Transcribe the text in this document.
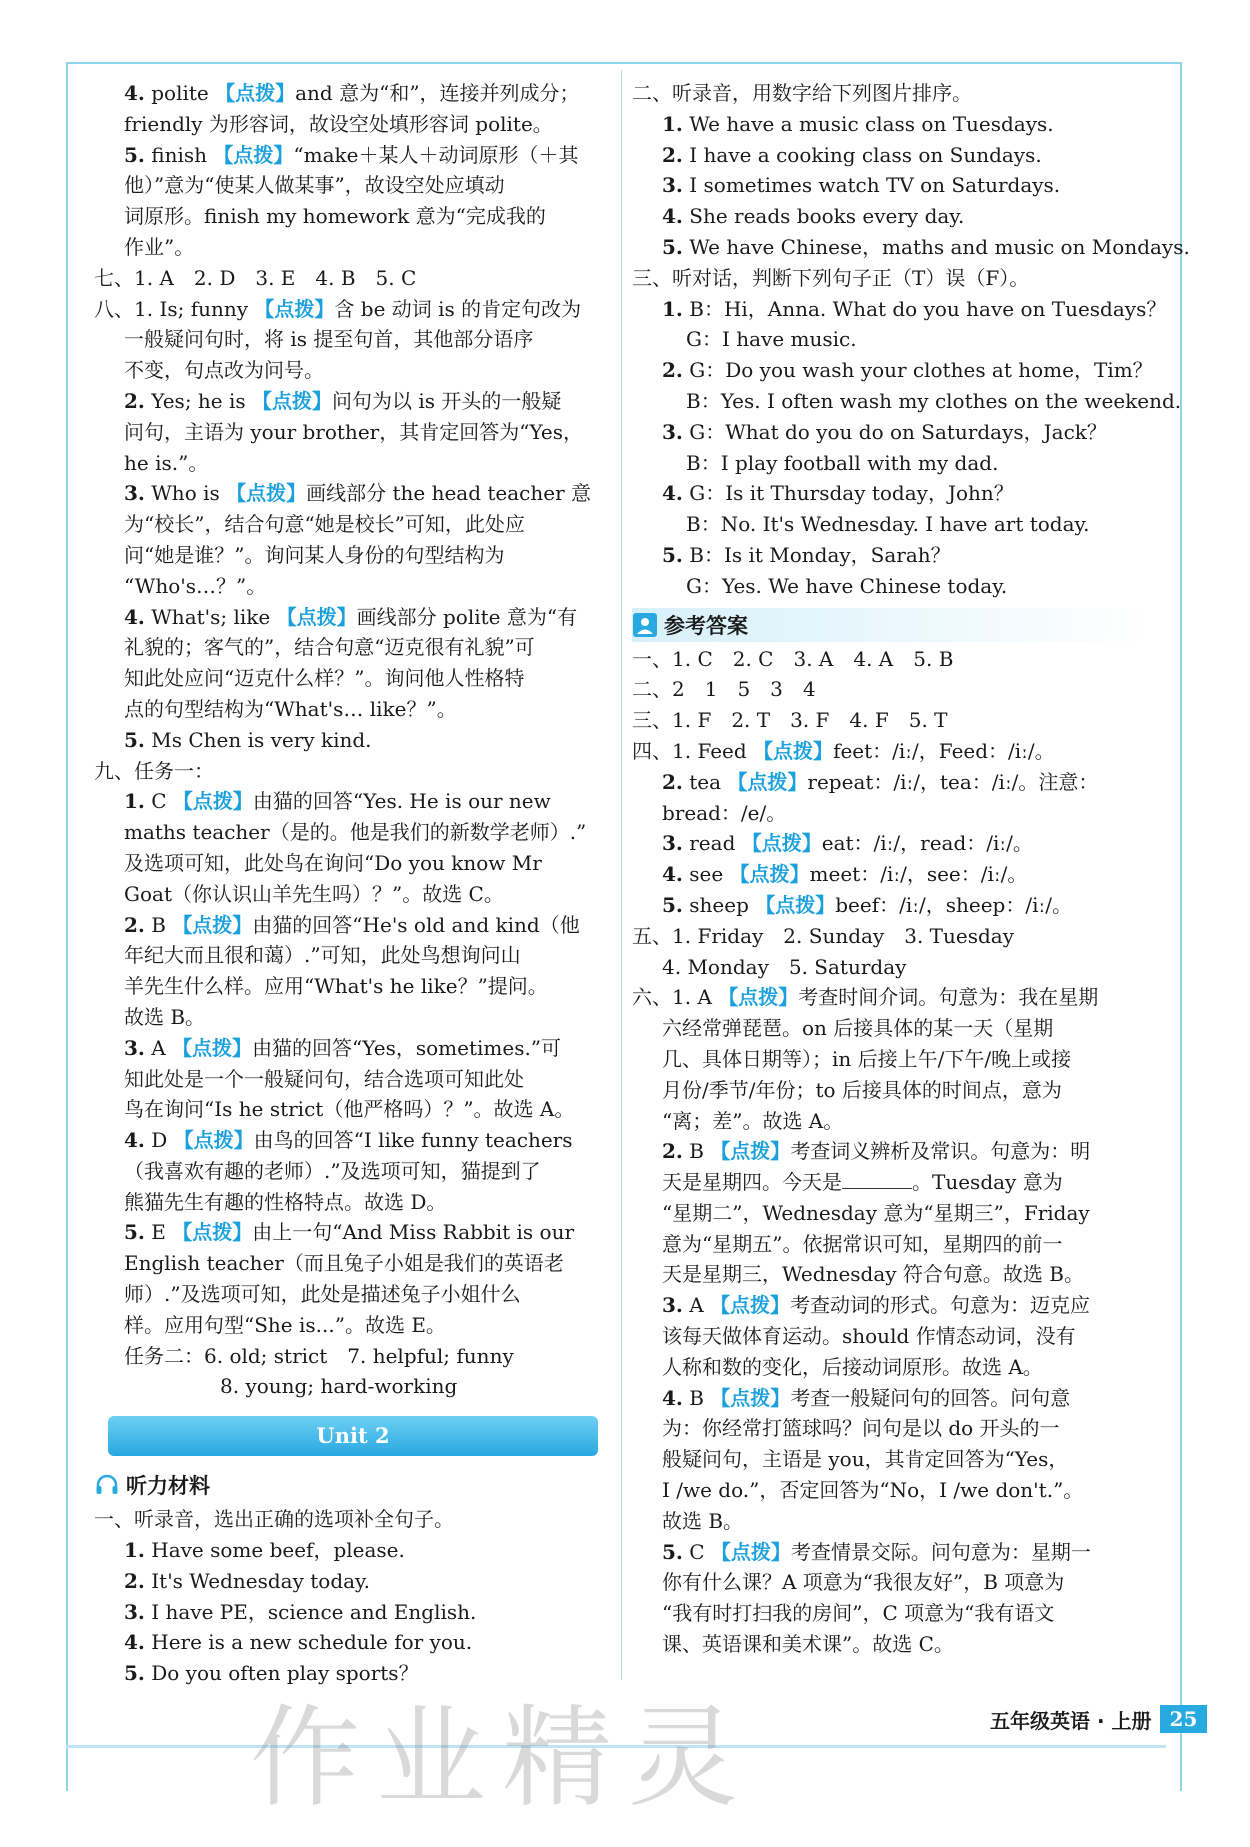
4. polite 【点拨】and 意为“和”，连接并列成分；

friendly 为形容词，故设空处填形容词 polite。

5. finish 【点拨】“make＋某人＋动词原形（＋其

他）”意为“使某人做某事”，故设空处应填动

词原形。finish my homework 意为“完成我的

作业”。

七、1. A　2. D　3. E　4. B　5. C

八、1. Is; funny 【点拨】含 be 动词 is 的肯定句改为

一般疑问句时，将 is 提至句首，其他部分语序

不变，句点改为问号。

2. Yes; he is 【点拨】问句为以 is 开头的一般疑

问句，主语为 your brother，其肯定回答为“Yes，

he is.”。

3. Who is 【点拨】画线部分 the head teacher 意

为“校长”，结合句意“她是校长”可知，此处应

问“她是谁？”。询问某人身份的句型结构为

“Who's…？”。

4. What's; like 【点拨】画线部分 polite 意为“有

礼貌的；客气的”，结合句意“迈克很有礼貌”可

知此处应问“迈克什么样？”。询问他人性格特

点的句型结构为“What's… like？”。

5. Ms Chen is very kind.

九、任务一：

1. C 【点拨】由猫的回答“Yes. He is our new

maths teacher（是的。他是我们的新数学老师）.”

及选项可知，此处鸟在询问“Do you know Mr

Goat（你认识山羊先生吗）？”。故选 C。

2. B 【点拨】由猫的回答“He's old and kind（他

年纪大而且很和蔼）.”可知，此处鸟想询问山

羊先生什么样。应用“What's he like？”提问。

故选 B。

3. A 【点拨】由猫的回答“Yes，sometimes.”可

知此处是一个一般疑问句，结合选项可知此处

鸟在询问“Is he strict（他严格吗）？”。故选 A。

4. D 【点拨】由鸟的回答“I like funny teachers

（我喜欢有趣的老师）.”及选项可知，猫提到了

熊猫先生有趣的性格特点。故选 D。

5. E 【点拨】由上一句“And Miss Rabbit is our

English teacher（而且兔子小姐是我们的英语老

师）.”及选项可知，此处是描述兔子小姐什么

样。应用句型“She is...”。故选 E。

任务二：6. old; strict　7. helpful; funny

　　　8. young; hard-working

Unit 2
听力材料

一、听录音，选出正确的选项补全句子。

1. Have some beef，please.

2. It's Wednesday today.

3. I have PE，science and English.

4. Here is a new schedule for you.

5. Do you often play sports？

二、听录音，用数字给下列图片排序。

1. We have a music class on Tuesdays.

2. I have a cooking class on Sundays.

3. I sometimes watch TV on Saturdays.

4. She reads books every day.

5. We have Chinese，maths and music on Mondays.

三、听对话，判断下列句子正（T）误（F）。

1. B：Hi，Anna. What do you have on Tuesdays？

G：I have music.

2. G：Do you wash your clothes at home，Tim？

B：Yes. I often wash my clothes on the weekend.

3. G：What do you do on Saturdays，Jack？

B：I play football with my dad.

4. G：Is it Thursday today，John？

B：No. It's Wednesday. I have art today.

5. B：Is it Monday，Sarah？

G：Yes. We have Chinese today.

参考答案

一、1. C　2. C　3. A　4. A　5. B

二、2　1　5　3　4

三、1. F　2. T　3. F　4. F　5. T

四、1. Feed 【点拨】feet：/iː/，Feed：/iː/。

2. tea 【点拨】repeat：/iː/，tea：/iː/。注意：

bread：/e/。

3. read 【点拨】eat：/iː/，read：/iː/。

4. see 【点拨】meet：/iː/，see：/iː/。

5. sheep 【点拨】beef：/iː/，sheep：/iː/。

五、1. Friday　2. Sunday　3. Tuesday

4. Monday　5. Saturday

六、1. A 【点拨】考查时间介词。句意为：我在星期

六经常弹琵琶。on 后接具体的某一天（星期

几、具体日期等）；in 后接上午/下午/晚上或接

月份/季节/年份；to 后接具体的时间点，意为

“离；差”。故选 A。

2. B 【点拨】考查词义辨析及常识。句意为：明

天是星期四。今天是	。Tuesday 意为

“星期二”，Wednesday 意为“星期三”，Friday

意为“星期五”。依据常识可知，星期四的前一

天是星期三，Wednesday 符合句意。故选 B。

3. A 【点拨】考查动词的形式。句意为：迈克应

该每天做体育运动。should 作情态动词，没有

人称和数的变化，后接动词原形。故选 A。

4. B 【点拨】考查一般疑问句的回答。问句意

为：你经常打篮球吗？问句是以 do 开头的一

般疑问句，主语是 you，其肯定回答为“Yes，

I /we do.”，否定回答为“No，I /we don't.”。

故选 B。

5. C 【点拨】考查情景交际。问句意为：星期一

你有什么课？A 项意为“我很友好”，B 项意为

“我有时打扫我的房间”，C 项意为“我有语文

课、英语课和美术课”。故选 C。

五年级英语 · 上册 25
作业精灵
